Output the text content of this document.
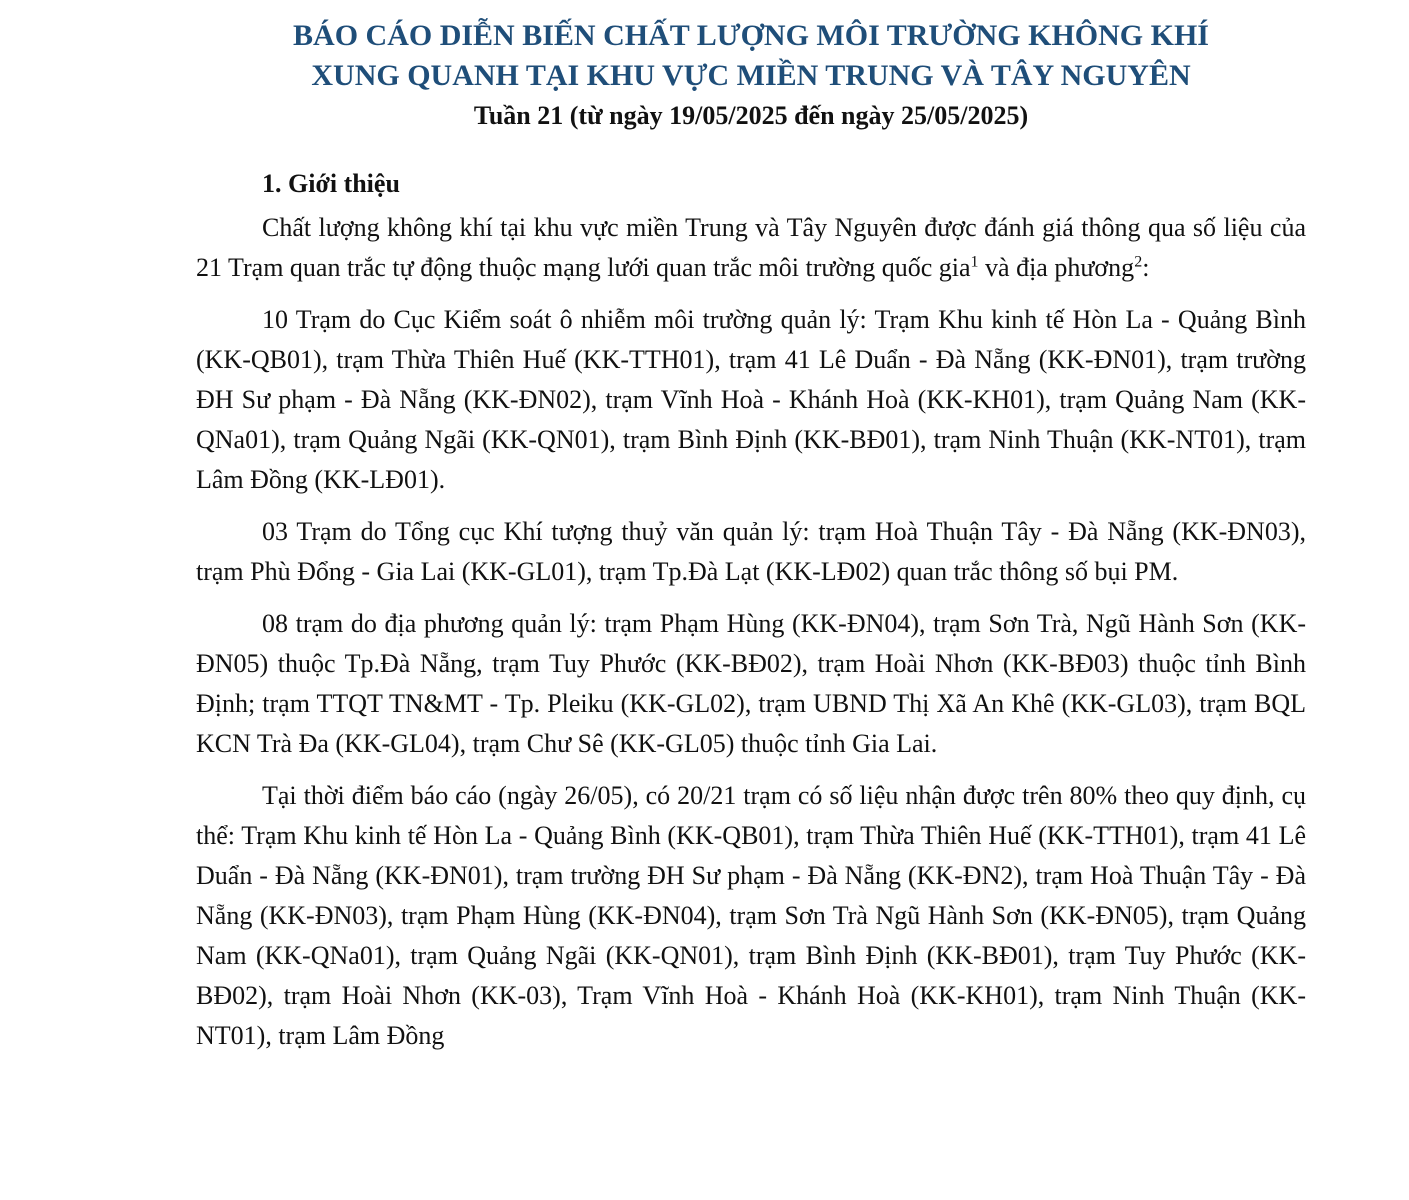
BÁO CÁO DIỄN BIẾN CHẤT LƯỢNG MÔI TRƯỜNG KHÔNG KHÍ
XUNG QUANH TẠI KHU VỰC MIỀN TRUNG VÀ TÂY NGUYÊN

Tuần 21 (từ ngày 19/05/2025 đến ngày 25/05/2025)

1. Giới thiệu

Chất lượng không khí tại khu vực miền Trung và Tây Nguyên được đánh giá thông qua số liệu của 21 Trạm quan trắc tự động thuộc mạng lưới quan trắc môi trường quốc gia$^1$ và địa phương$^2$:

10 Trạm do Cục Kiểm soát ô nhiễm môi trường quản lý: Trạm Khu kinh tế Hòn La - Quảng Bình (KK-QB01), trạm Thừa Thiên Huế (KK-TTH01), trạm 41 Lê Duẩn - Đà Nẵng (KK-ĐN01), trạm trường ĐH Sư phạm - Đà Nẵng (KK-ĐN02), trạm Vĩnh Hoà - Khánh Hoà (KK-KH01), trạm Quảng Nam (KK-QNa01), trạm Quảng Ngãi (KK-QN01), trạm Bình Định (KK-BĐ01), trạm Ninh Thuận (KK-NT01), trạm Lâm Đồng (KK-LĐ01).

03 Trạm do Tổng cục Khí tượng thuỷ văn quản lý: trạm Hoà Thuận Tây - Đà Nẵng (KK-ĐN03), trạm Phù Đổng - Gia Lai (KK-GL01), trạm Tp.Đà Lạt (KK-LĐ02) quan trắc thông số bụi PM.

08 trạm do địa phương quản lý: trạm Phạm Hùng (KK-ĐN04), trạm Sơn Trà, Ngũ Hành Sơn (KK-ĐN05) thuộc Tp.Đà Nẵng, trạm Tuy Phước (KK-BĐ02), trạm Hoài Nhơn (KK-BĐ03) thuộc tỉnh Bình Định; trạm TTQT TN&MT - Tp. Pleiku (KK-GL02), trạm UBND Thị Xã An Khê (KK-GL03), trạm BQL KCN Trà Đa (KK-GL04), trạm Chư Sê (KK-GL05) thuộc tỉnh Gia Lai.

Tại thời điểm báo cáo (ngày 26/05), có 20/21 trạm có số liệu nhận được trên 80% theo quy định, cụ thể: Trạm Khu kinh tế Hòn La - Quảng Bình (KK-QB01), trạm Thừa Thiên Huế (KK-TTH01), trạm 41 Lê Duẩn - Đà Nẵng (KK-ĐN01), trạm trường ĐH Sư phạm - Đà Nẵng (KK-ĐN2), trạm Hoà Thuận Tây - Đà Nẵng (KK-ĐN03), trạm Phạm Hùng (KK-ĐN04), trạm Sơn Trà Ngũ Hành Sơn (KK-ĐN05), trạm Quảng Nam (KK-QNa01), trạm Quảng Ngãi (KK-QN01), trạm Bình Định (KK-BĐ01), trạm Tuy Phước (KK-BĐ02), trạm Hoài Nhơn (KK-03), Trạm Vĩnh Hoà - Khánh Hoà (KK-KH01), trạm Ninh Thuận (KK-NT01), trạm Lâm Đồng
